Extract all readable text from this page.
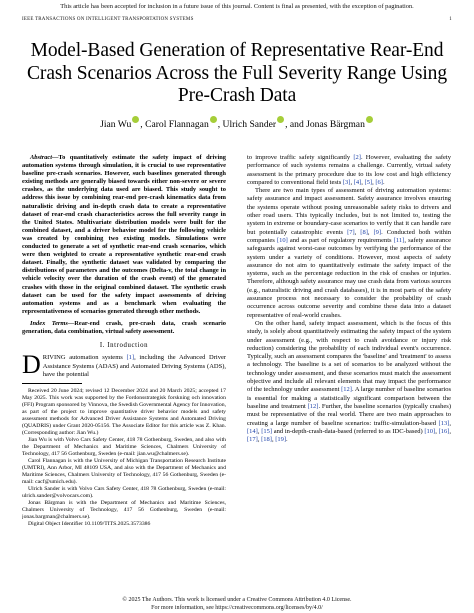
This article has been accepted for inclusion in a future issue of this journal. Content is final as presented, with the exception of pagination.
IEEE TRANSACTIONS ON INTELLIGENT TRANSPORTATION SYSTEMS	1
Model-Based Generation of Representative Rear-End Crash Scenarios Across the Full Severity Range Using Pre-Crash Data
Jian Wu , Carol Flannagan , Ulrich Sander , and Jonas Bärgman

Abstract—To quantitatively estimate the safety impact of driving automation systems through simulation, it is crucial to use representative baseline pre-crash scenarios. However, such baselines generated through existing methods are generally biased towards either non-severe or severe crashes, as the underlying data used are biased. This study sought to address this issue by combining rear-end pre-crash kinematics data from naturalistic driving and in-depth crash data to create a representative dataset of rear-end crash characteristics across the full severity range in the United States. Multivariate distribution models were built for the combined dataset, and a driver behavior model for the following vehicle was created by combining two existing models. Simulations were conducted to generate a set of synthetic rear-end crash scenarios, which were then weighted to create a representative synthetic rear-end crash dataset. Finally, the synthetic dataset was validated by comparing the distributions of parameters and the outcomes (Delta-v, the total change in vehicle velocity over the duration of the crash event) of the generated crashes with those in the original combined dataset. The synthetic crash dataset can be used for the safety impact assessments of driving automation systems and as a benchmark when evaluating the representativeness of scenarios generated through other methods.

Index Terms—Rear-end crash, pre-crash data, crash scenario generation, data combination, virtual safety assessment.

I. Introduction

DRIVING automation systems [1], including the Advanced Driver Assistance Systems (ADAS) and Automated Driving Systems (ADS), have the potential

Received 20 June 2024; revised 12 December 2024 and 20 March 2025; accepted 17 May 2025. This work was supported by the Fordonsstrategisk forskning och innovation (FFI) Program sponsored by Vinnova, the Swedish Governmental Agency for Innovation, as part of the project to improve quantitative driver behavior models and safety assessment methods for Advanced Driver Assistance Systems and Automated Driving (QUADRIS) under Grant 2020-05156. The Associate Editor for this article was Z. Khan. (Corresponding author: Jian Wu.)

Jian Wu is with Volvo Cars Safety Center, 418 78 Gothenburg, Sweden, and also with the Department of Mechanics and Maritime Sciences, Chalmers University of Technology, 417 56 Gothenburg, Sweden (e-mail: jian.wu@chalmers.se).

Carol Flannagan is with the University of Michigan Transportation Research Institute (UMTRI), Ann Arbor, MI 48109 USA, and also with the Department of Mechanics and Maritime Sciences, Chalmers University of Technology, 417 56 Gothenburg, Sweden (e-mail: cacf@umich.edu).

Ulrich Sander is with Volvo Cars Safety Center, 418 78 Gothenburg, Sweden (e-mail: ulrich.sander@volvocars.com).

Jonas Bärgman is with the Department of Mechanics and Maritime Sciences, Chalmers University of Technology, 417 56 Gothenburg, Sweden (e-mail: jonas.bargman@chalmers.se).

Digital Object Identifier 10.1109/TITS.2025.3573386

to improve traffic safety significantly [2]. However, evaluating the safety performance of such systems remains a challenge. Currently, virtual safety assessment is the primary procedure due to its low cost and high efficiency compared to conventional field tests [3], [4], [5], [6].

There are two main types of assessment of driving automation systems: safety assurance and impact assessment. Safety assurance involves ensuring the systems operate without posing unreasonable safety risks to drivers and other road users. This typically includes, but is not limited to, testing the system in extreme or boundary-case scenarios to verify that it can handle rare but potentially catastrophic events [7], [8], [9]. Conducted both within companies [10] and as part of regulatory requirements [11], safety assurance safeguards against worst-case outcomes by verifying the performance of the system under a variety of conditions. However, most aspects of safety assurance do not aim to quantitatively estimate the safety impact of the systems, such as the percentage reduction in the risk of crashes or injuries. Therefore, although safety assurance may use crash data from various sources (e.g., naturalistic driving and crash databases), it is in most parts of the safety assurance process not necessary to consider the probability of crash occurrence across outcome severity and combine these data into a dataset representative of real-world crashes.

On the other hand, safety impact assessment, which is the focus of this study, is solely about quantitatively estimating the safety impact of the system under assessment (e.g., with respect to crash avoidance or injury risk reduction) considering the probability of each individual event's occurrence. Typically, such an assessment compares the 'baseline' and 'treatment' to assess a technology. The baseline is a set of scenarios to be analyzed without the technology under assessment, and these scenarios must match the assessment objective and include all relevant elements that may impact the performance of the technology under assessment [12]. A large number of baseline scenarios is essential for making a statistically significant comparison between the baseline and treatment [12]. Further, the baseline scenarios (typically crashes) must be representative of the real world. There are two main approaches to creating a large number of baseline scenarios: traffic-simulation-based [13], [14], [15] and in-depth-crash-data-based (referred to as IDC-based) [10], [16], [17], [18], [19].

© 2025 The Authors. This work is licensed under a Creative Commons Attribution 4.0 License.
For more information, see https://creativecommons.org/licenses/by/4.0/
